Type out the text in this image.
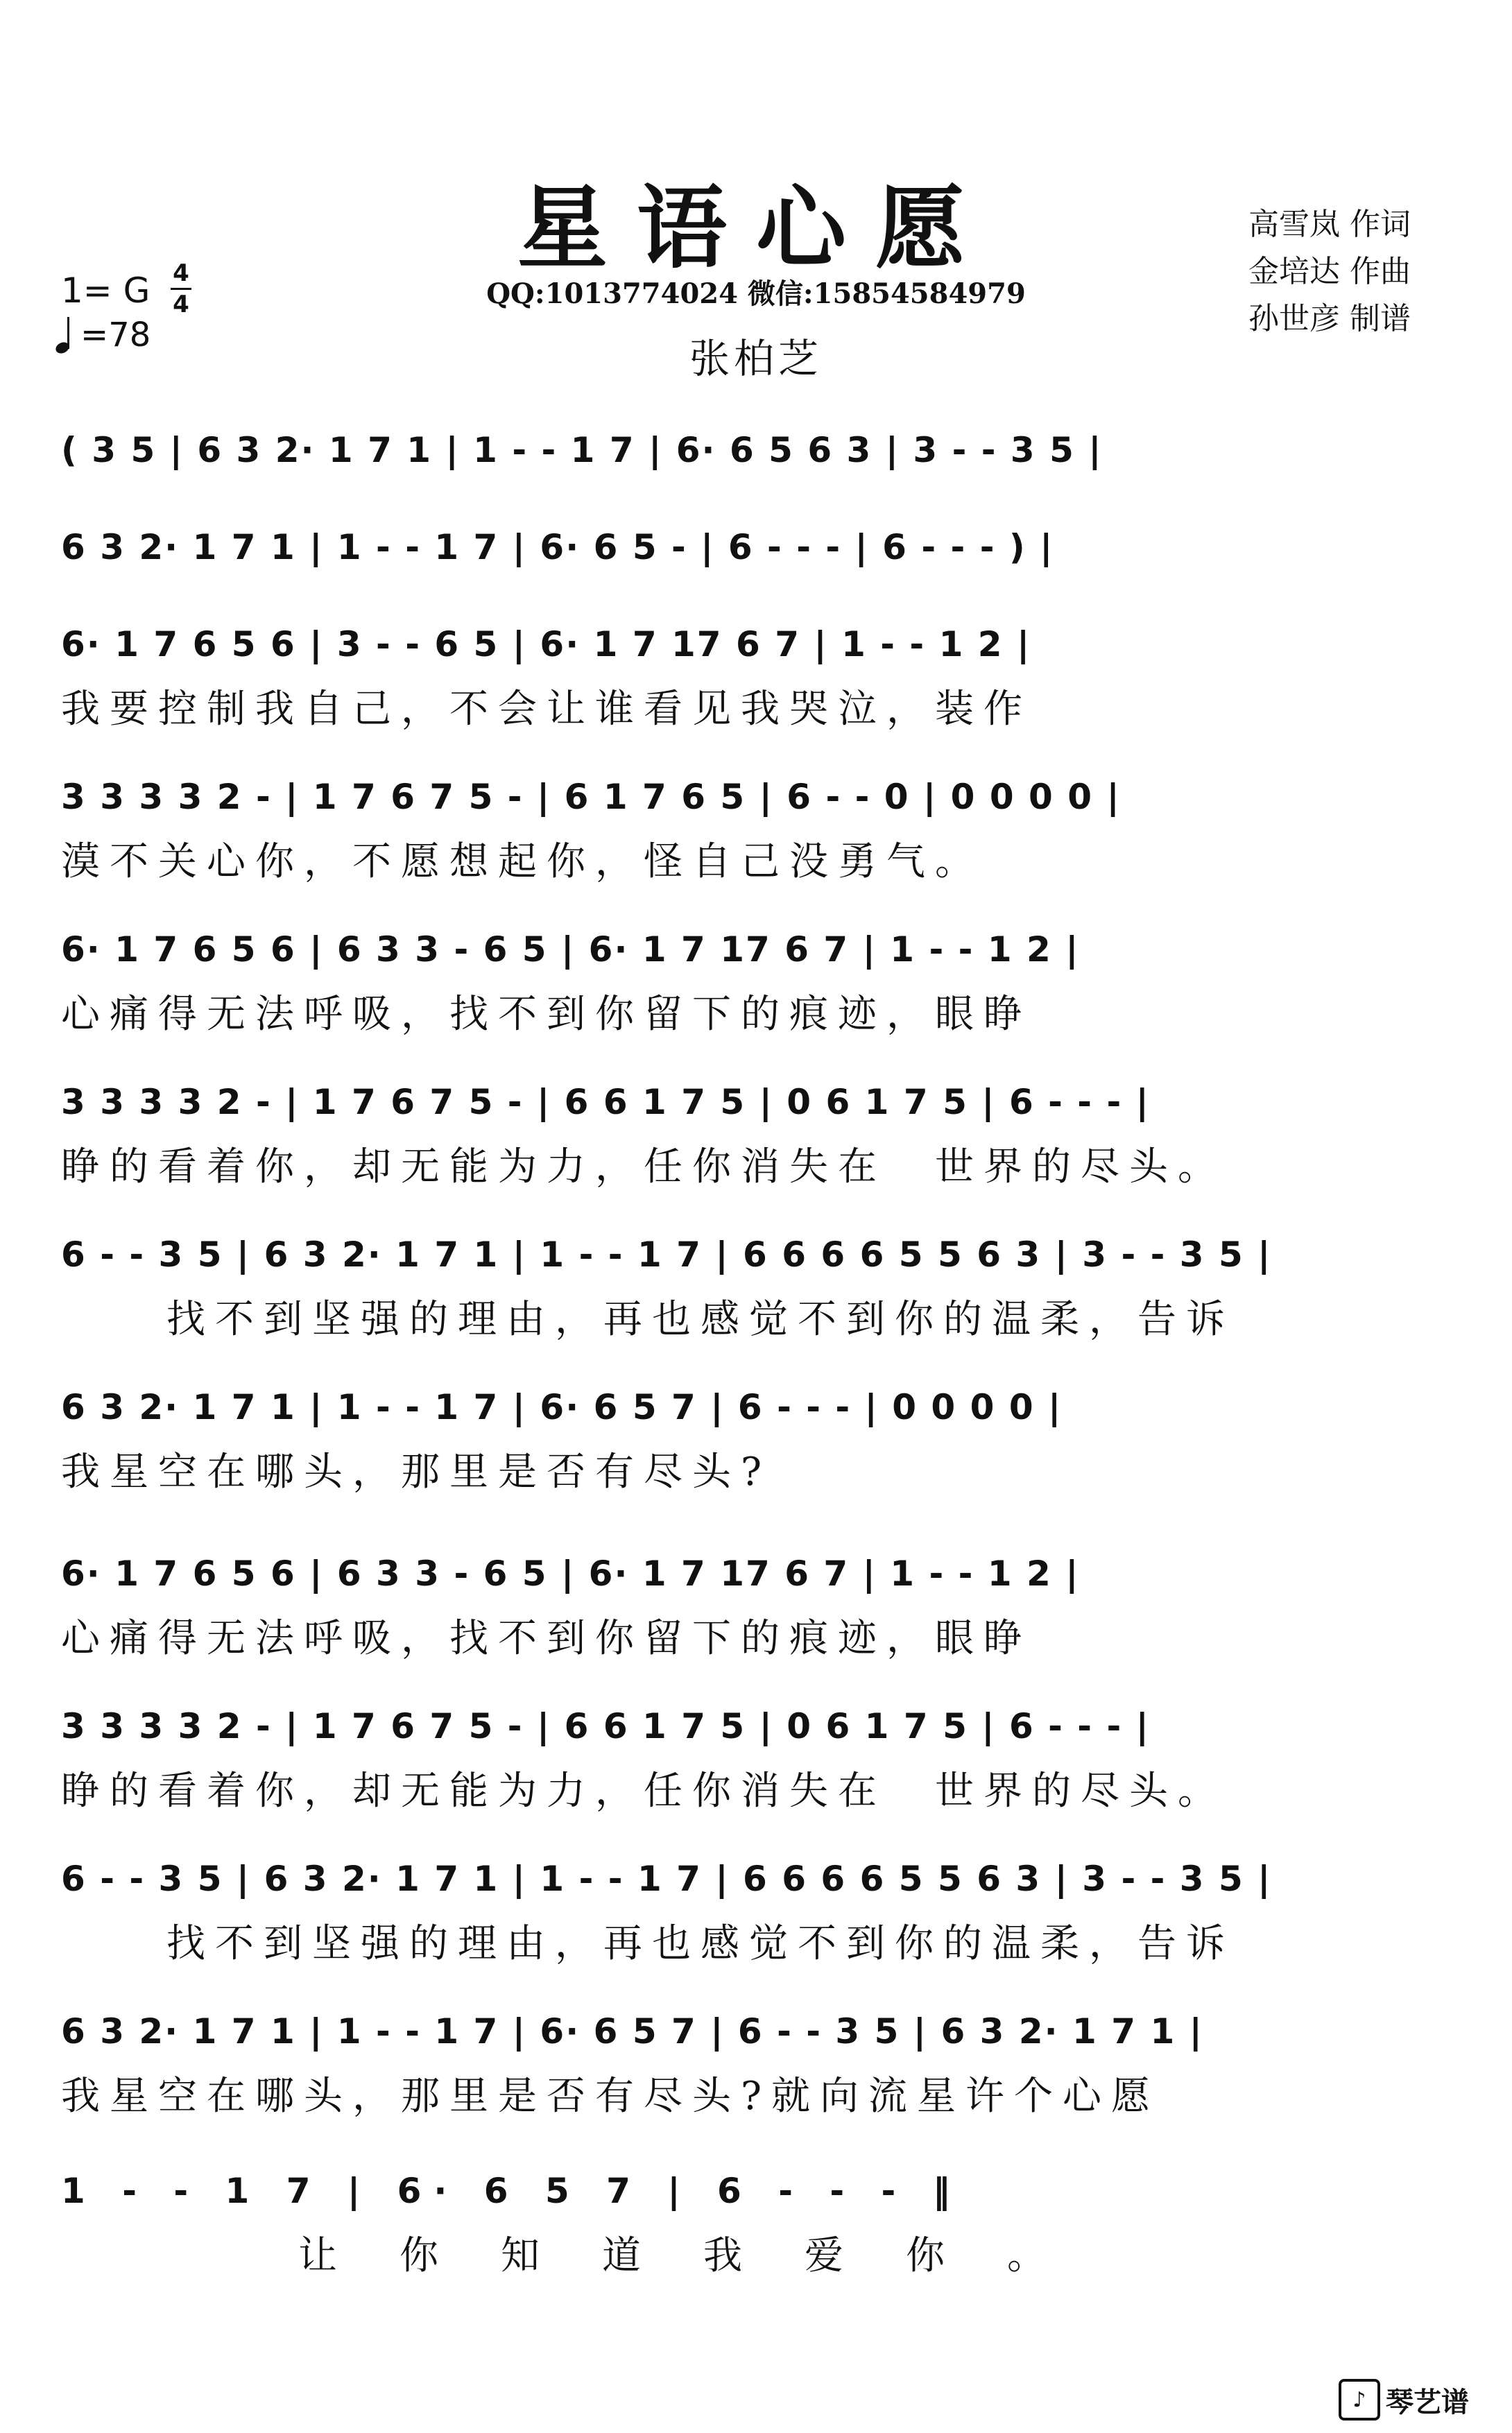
星语心愿
QQ:1013774024 微信:15854584979
张柏芝
高雪岚 作词
金培达 作曲
孙世彦 制谱
1= G 4
4
=78
( 3 5 | 6 3 2· 1 7 1 | 1 - - 1 7 | 6· 6 5 6 3 | 3 - - 3 5 |
6 3 2· 1 7 1 | 1 - - 1 7 | 6· 6 5 - | 6 - - - | 6 - - - ) |
6· 1 7 6 5 6 | 3 - - 6 5 | 6· 1 7 17 6 7 | 1 - - 1 2 |
我要控制我自己，不会让谁看见我哭泣，装作
3 3 3 3 2 - | 1 7 6 7 5 - | 6 1 7 6 5 | 6 - - 0 | 0 0 0 0 |
漠不关心你，不愿想起你，怪自己没勇气。
6· 1 7 6 5 6 | 6 3 3 - 6 5 | 6· 1 7 17 6 7 | 1 - - 1 2 |
心痛得无法呼吸，找不到你留下的痕迹，眼睁
3 3 3 3 2 - | 1 7 6 7 5 - | 6 6 1 7 5 | 0 6 1 7 5 | 6 - - - |
睁的看着你，却无能为力，任你消失在　世界的尽头。
6 - - 3 5 | 6 3 2· 1 7 1 | 1 - - 1 7 | 6 6 6 6 5 5 6 3 | 3 - - 3 5 |
找不到坚强的理由，再也感觉不到你的温柔，告诉
6 3 2· 1 7 1 | 1 - - 1 7 | 6· 6 5 7 | 6 - - - | 0 0 0 0 |
我星空在哪头，那里是否有尽头?
6· 1 7 6 5 6 | 6 3 3 - 6 5 | 6· 1 7 17 6 7 | 1 - - 1 2 |
心痛得无法呼吸，找不到你留下的痕迹，眼睁
3 3 3 3 2 - | 1 7 6 7 5 - | 6 6 1 7 5 | 0 6 1 7 5 | 6 - - - |
睁的看着你，却无能为力，任你消失在　世界的尽头。
6 - - 3 5 | 6 3 2· 1 7 1 | 1 - - 1 7 | 6 6 6 6 5 5 6 3 | 3 - - 3 5 |
找不到坚强的理由，再也感觉不到你的温柔，告诉
6 3 2· 1 7 1 | 1 - - 1 7 | 6· 6 5 7 | 6 - - 3 5 | 6 3 2· 1 7 1 |
我星空在哪头，那里是否有尽头?就向流星许个心愿
1 - - 1 7 | 6· 6 5 7 | 6 - - - ‖
让你知道我爱你。
♪ 琴艺谱
